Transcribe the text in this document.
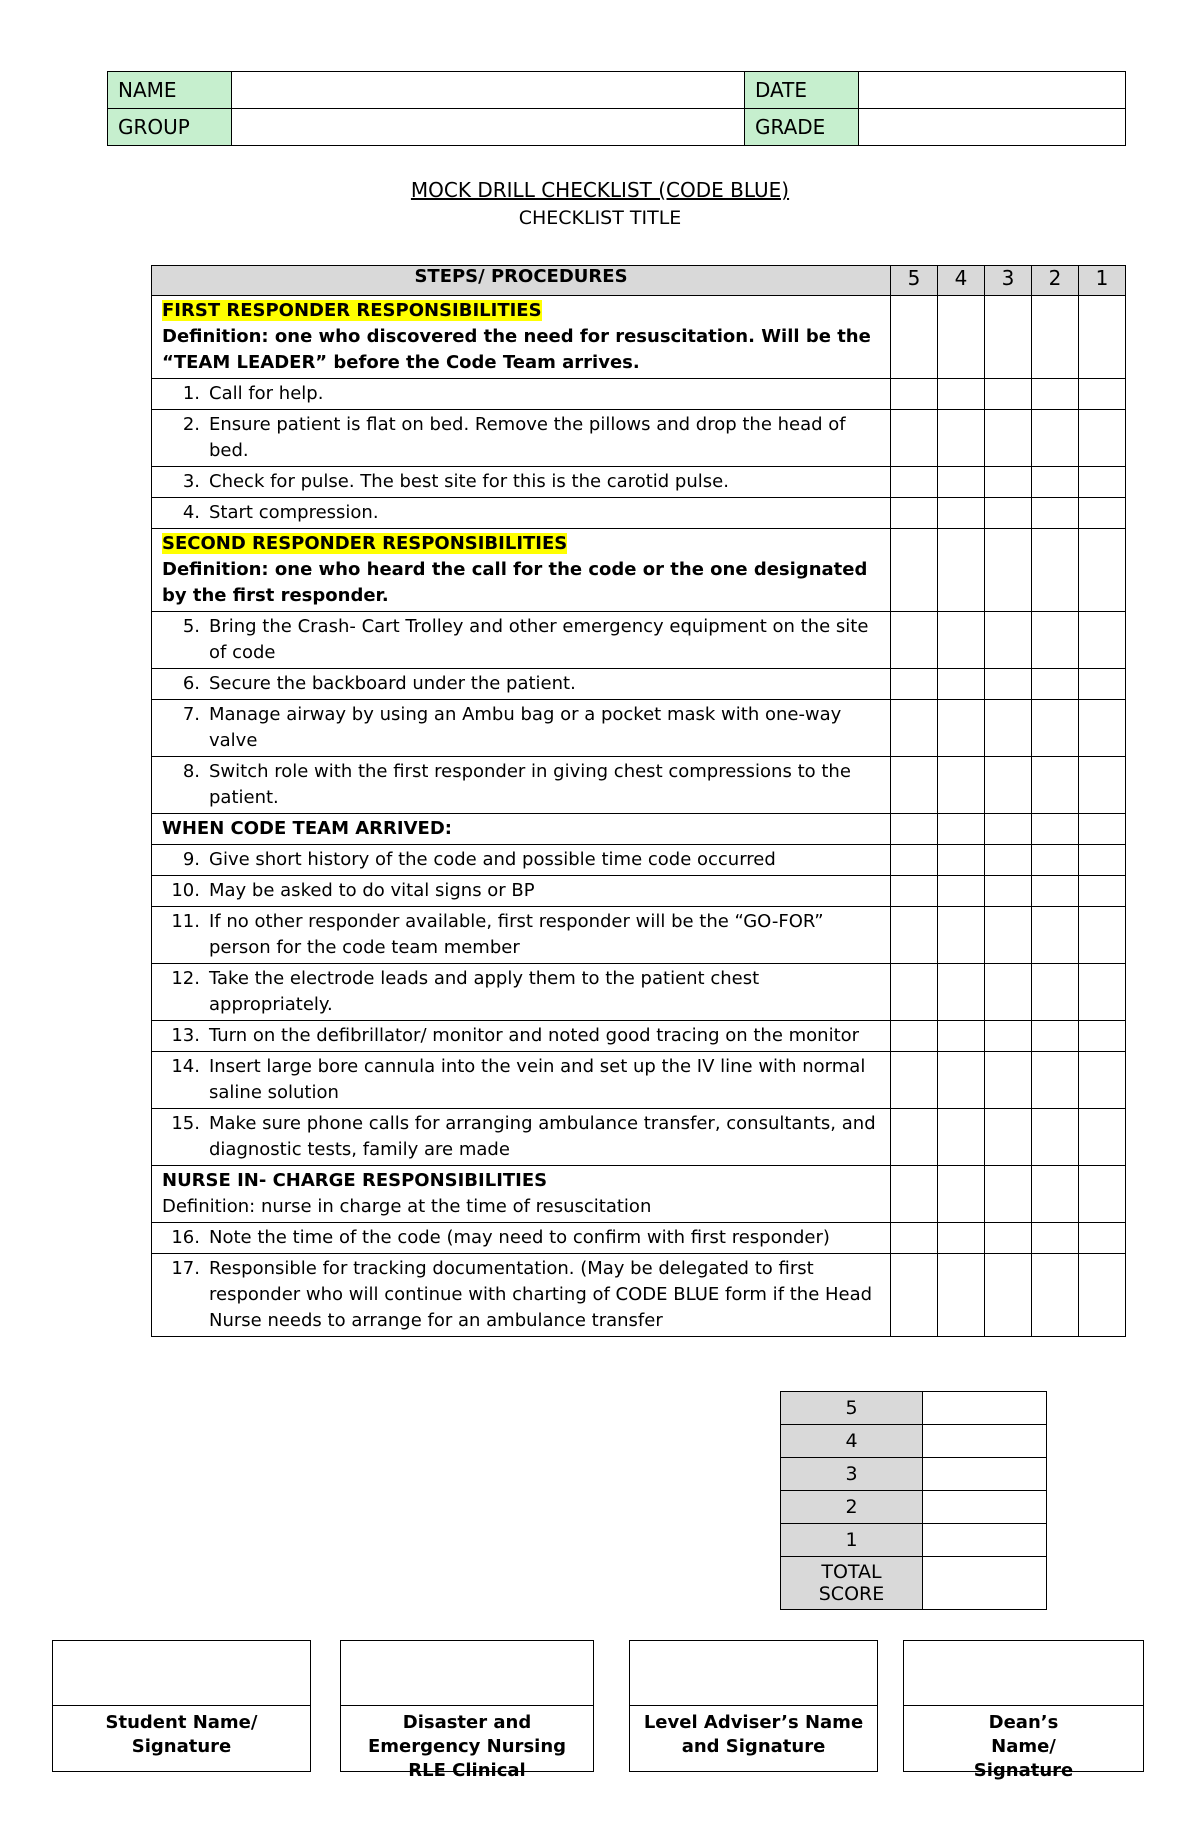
NAME		DATE	
GROUP		GRADE	
MOCK DRILL CHECKLIST (CODE BLUE)
CHECKLIST TITLE
STEPS/ PROCEDURES	5	4	3	2	1
FIRST RESPONDER RESPONSIBILITIES
Definition: one who discovered the need for resuscitation. Will be the “TEAM LEADER” before the Code Team arrives.					

1. Call for help.					

2. Ensure patient is flat on bed. Remove the pillows and drop the head of bed.					

3. Check for pulse. The best site for this is the carotid pulse.					

4. Start compression.					

SECOND RESPONDER RESPONSIBILITIES
Definition: one who heard the call for the code or the one designated by the first responder.					

5. Bring the Crash- Cart Trolley and other emergency equipment on the site of code					

6. Secure the backboard under the patient.					

7. Manage airway by using an Ambu bag or a pocket mask with one-way valve					

8. Switch role with the first responder in giving chest compressions to the patient.					

WHEN CODE TEAM ARRIVED:					

9. Give short history of the code and possible time code occurred					

10. May be asked to do vital signs or BP					

11. If no other responder available, first responder will be the “GO-FOR” person for the code team member					

12. Take the electrode leads and apply them to the patient chest appropriately.					

13. Turn on the defibrillator/ monitor and noted good tracing on the monitor					

14. Insert large bore cannula into the vein and set up the IV line with normal saline solution					

15. Make sure phone calls for arranging ambulance transfer, consultants, and diagnostic tests, family are made					

NURSE IN- CHARGE RESPONSIBILITIES
Definition: nurse in charge at the time of resuscitation					

16. Note the time of the code (may need to confirm with first responder)					

17. Responsible for tracking documentation. (May be delegated to first responder who will continue with charting of CODE BLUE form if the Head Nurse needs to arrange for an ambulance transfer					

5	
4	
3	
2	
1	
TOTAL SCORE	
Student Name/ Signature
Disaster and Emergency Nursing RLE Clinical
Level Adviser’s Name and Signature
Dean’s Name/ Signature
